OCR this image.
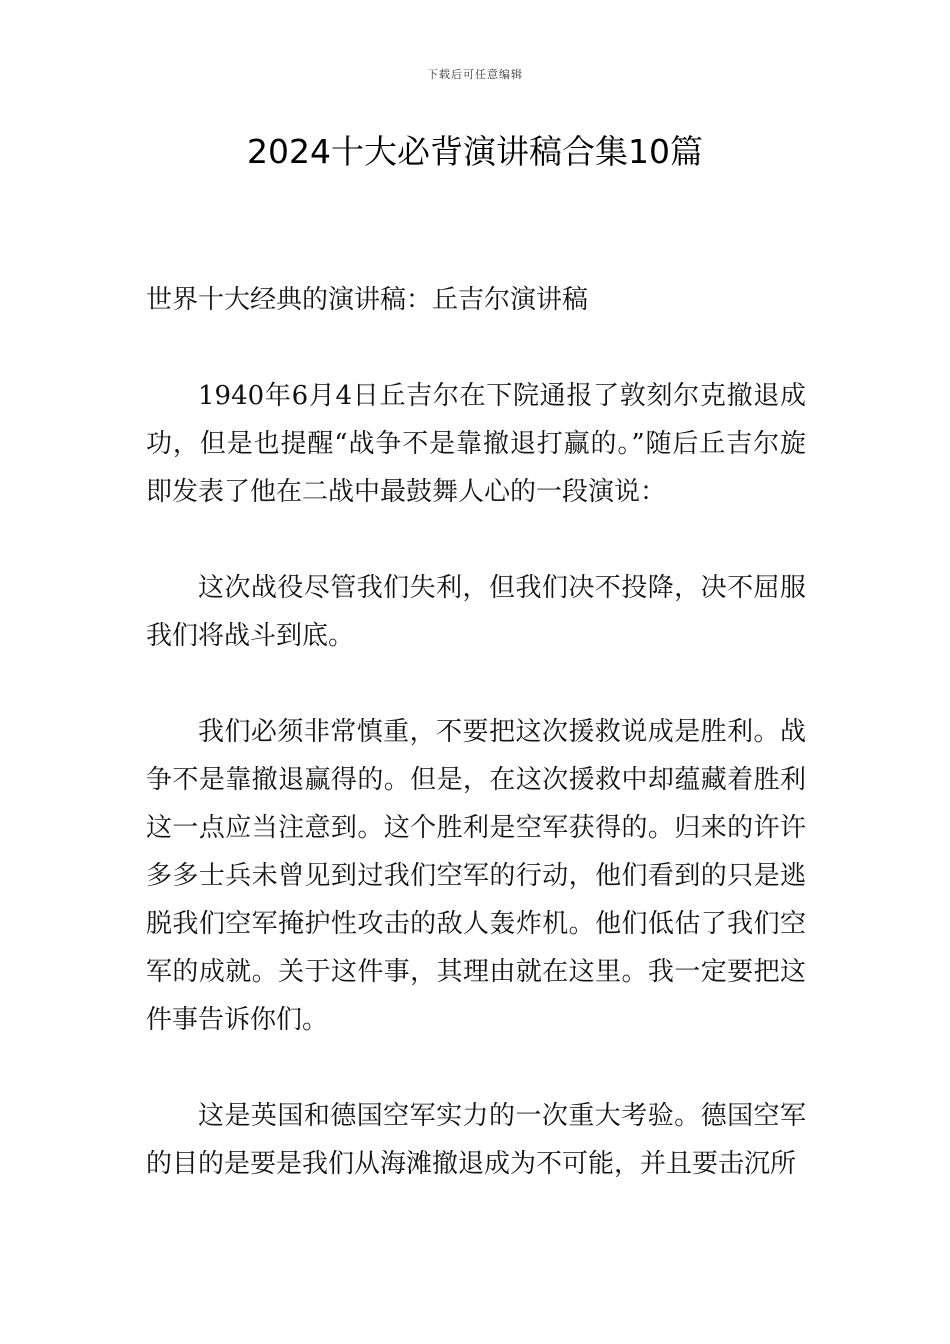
下载后可任意编辑
2024十大必背演讲稿合集10篇
世界十大经典的演讲稿：丘吉尔演讲稿

1940年6月4日丘吉尔在下院通报了敦刻尔克撤退成功，但是也提醒“战争不是靠撤退打赢的。”随后丘吉尔旋即发表了他在二战中最鼓舞人心的一段演说：

这次战役尽管我们失利，但我们决不投降，决不屈服我们将战斗到底。

我们必须非常慎重，不要把这次援救说成是胜利。战争不是靠撤退赢得的。但是，在这次援救中却蕴藏着胜利这一点应当注意到。这个胜利是空军获得的。归来的许许多多士兵未曾见到过我们空军的行动，他们看到的只是逃脱我们空军掩护性攻击的敌人轰炸机。他们低估了我们空军的成就。关于这件事，其理由就在这里。我一定要把这件事告诉你们。

这是英国和德国空军实力的一次重大考验。德国空军的目的是要是我们从海滩撤退成为不可能，并且要击沉所
